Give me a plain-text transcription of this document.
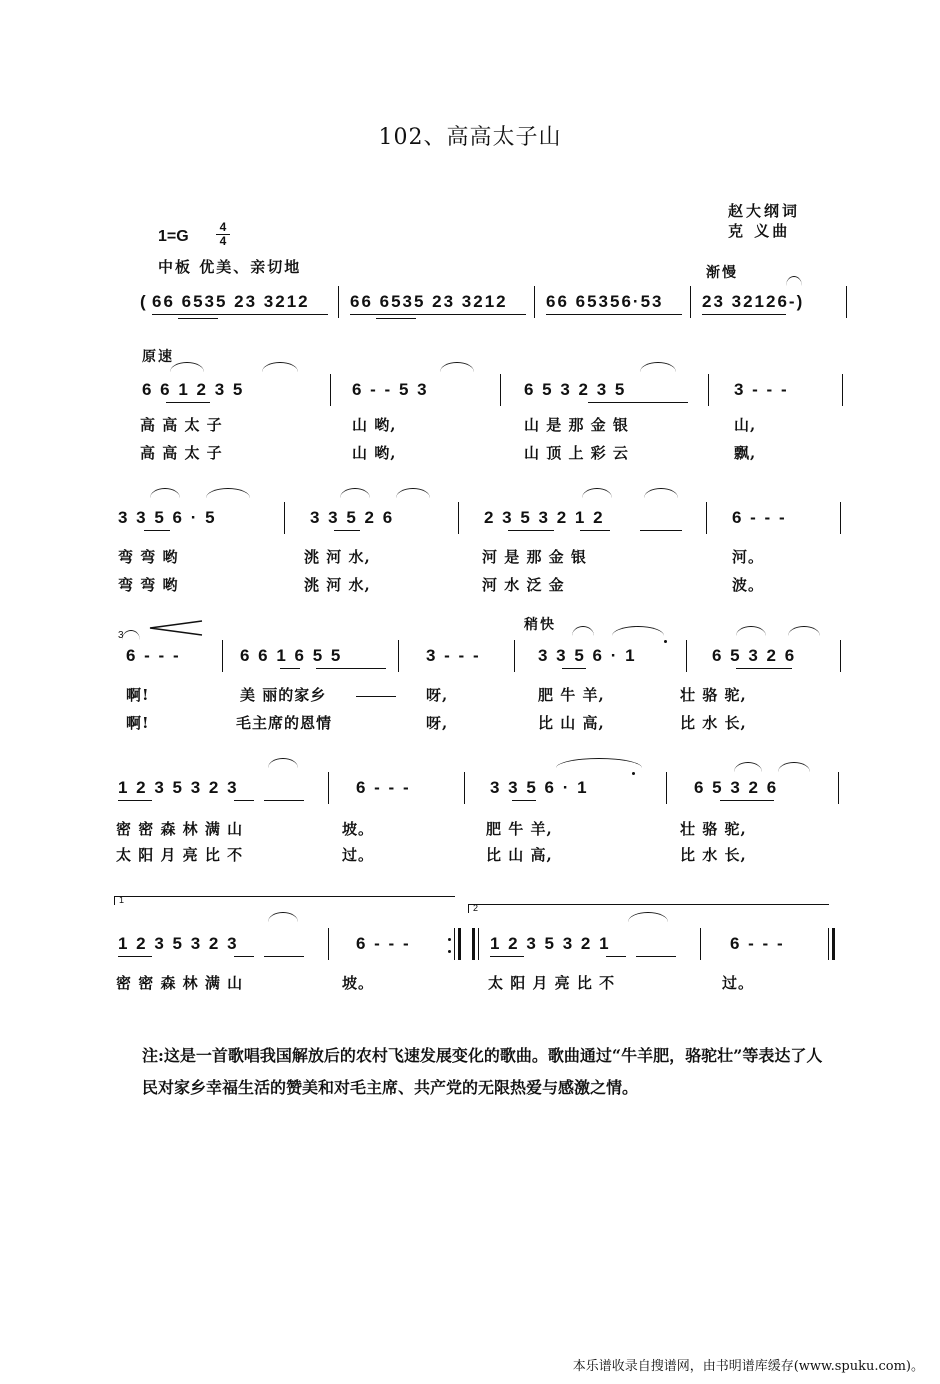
102、高高太子山
赵大纲词
克 义曲
1=G
4
4
中板 优美、亲切地	渐慢
( 66 6535 23 3212 66 6535 23 3212 66 65356·53 23 32126-)
原速
6 6 1 2 3 5	6 - - 5 3	6 5 3 2 3 5	3 - - -
高 高 太 子	山 哟,	山 是 那 金 银	山,
高 高 太 子	山 哟,	山 顶 上 彩 云	飘,
3 3 5 6 · 5	3 3 5 2 6	2 3 5 3 2 1 2	6 - - -
弯 弯 哟	洮 河 水,	河 是 那 金 银	河。
弯 弯 哟	洮 河 水,	河 水 泛 金	波。
3
稍快
6 - - -	6 6 1 6 5 5	3 - - -	3 3 5 6 · 1	6 5 3 2 6
啊!	美 丽的家乡	呀,	肥 牛 羊,	壮 骆 驼,
啊!	毛主席的恩情	呀,	比 山 高,	比 水 长,
1 2 3 5 3 2 3	6 - - -	3 3 5 6 · 1	6 5 3 2 6
密 密 森 林 满 山	坡。	肥 牛 羊,	壮 骆 驼,
太 阳 月 亮 比 不	过。	比 山 高,	比 水 长,
1
2
1 2 3 5 3 2 3	6 - - -	1 2 3 5 3 2 1	6 - - -
密 密 森 林 满 山	坡。	太 阳 月 亮 比 不	过。
注:这是一首歌唱我国解放后的农村飞速发展变化的歌曲。歌曲通过“牛羊肥，骆驼壮”等表达了人民对家乡幸福生活的赞美和对毛主席、共产党的无限热爱与感激之情。
本乐谱收录自搜谱网，由书明谱库缓存(www.spuku.com)。
